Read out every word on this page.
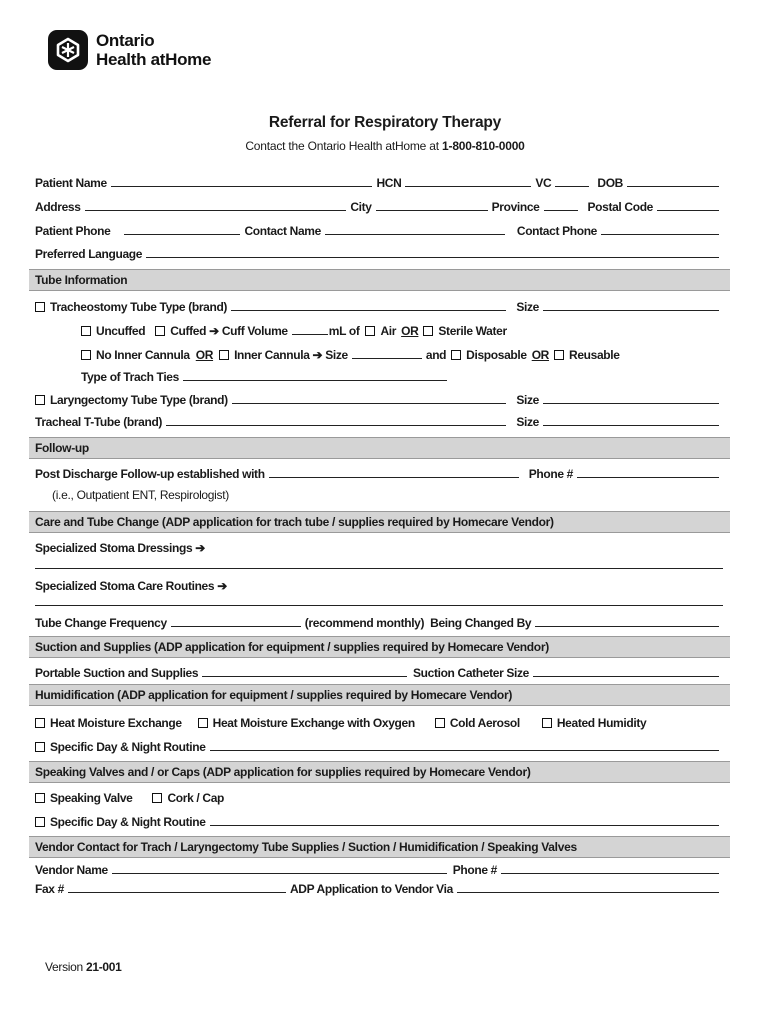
Ontario
Health atHome
Referral for Respiratory Therapy
Contact the Ontario Health atHome at 1-800-810-0000
Patient Name	HCN	VC	DOB
Address	City	Province	Postal Code
Patient Phone	Contact Name	Contact Phone
Preferred Language
Tube Information
Tracheostomy Tube Type (brand)	Size
Uncuffed Cuffed ➔ Cuff Volume	mL of Air OR Sterile Water
No Inner Cannula OR Inner Cannula ➔ Size	and Disposable OR Reusable
Type of Trach Ties
Laryngectomy Tube Type (brand)	Size
Tracheal T-Tube (brand)	Size
Follow-up
Post Discharge Follow-up established with	Phone #
(i.e., Outpatient ENT, Respirologist)
Care and Tube Change (ADP application for trach tube / supplies required by Homecare Vendor)
Specialized Stoma Dressings ➔
Specialized Stoma Care Routines ➔
Tube Change Frequency	(recommend monthly) Being Changed By
Suction and Supplies (ADP application for equipment / supplies required by Homecare Vendor)
Portable Suction and Supplies	Suction Catheter Size
Humidification (ADP application for equipment / supplies required by Homecare Vendor)
Heat Moisture Exchange	Heat Moisture Exchange with Oxygen	Cold Aerosol	Heated Humidity
Specific Day & Night Routine
Speaking Valves and / or Caps (ADP application for supplies required by Homecare Vendor)
Speaking Valve	Cork / Cap
Specific Day & Night Routine
Vendor Contact for Trach / Laryngectomy Tube Supplies / Suction / Humidification / Speaking Valves
Vendor Name	Phone #
Fax #	ADP Application to Vendor Via
Version 21-001
